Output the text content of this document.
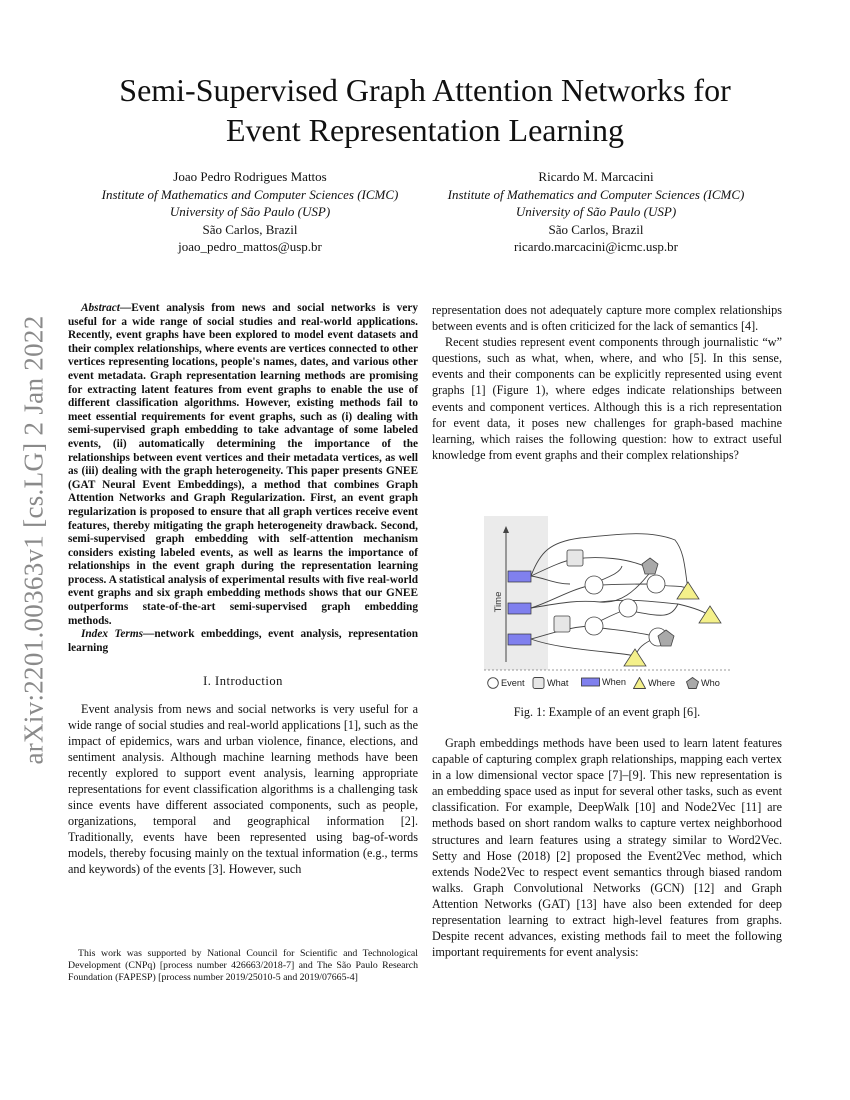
arXiv:2201.00363v1 [cs.LG] 2 Jan 2022
Semi-Supervised Graph Attention Networks for
Event Representation Learning
Joao Pedro Rodrigues Mattos
Institute of Mathematics and Computer Sciences (ICMC)
University of São Paulo (USP)
São Carlos, Brazil
joao_pedro_mattos@usp.br
Ricardo M. Marcacini
Institute of Mathematics and Computer Sciences (ICMC)
University of São Paulo (USP)
São Carlos, Brazil
ricardo.marcacini@icmc.usp.br

Abstract—Event analysis from news and social networks is very useful for a wide range of social studies and real-world applications. Recently, event graphs have been explored to model event datasets and their complex relationships, where events are vertices connected to other vertices representing locations, people's names, dates, and various other event metadata. Graph representation learning methods are promising for extracting latent features from event graphs to enable the use of different classification algorithms. However, existing methods fail to meet essential requirements for event graphs, such as (i) dealing with semi-supervised graph embedding to take advantage of some labeled events, (ii) automatically determining the importance of the relationships between event vertices and their metadata vertices, as well as (iii) dealing with the graph heterogeneity. This paper presents GNEE (GAT Neural Event Embeddings), a method that combines Graph Attention Networks and Graph Regularization. First, an event graph regularization is proposed to ensure that all graph vertices receive event features, thereby mitigating the graph heterogeneity drawback. Second, semi-supervised graph embedding with self-attention mechanism considers existing labeled events, as well as learns the importance of relationships in the event graph during the representation learning process. A statistical analysis of experimental results with five real-world event graphs and six graph embedding methods shows that our GNEE outperforms state-of-the-art semi-supervised graph embedding methods.

Index Terms—network embeddings, event analysis, representation learning

I. Introduction

Event analysis from news and social networks is very useful for a wide range of social studies and real-world applications [1], such as the impact of epidemics, wars and urban violence, finance, elections, and sentiment analysis. Although machine learning methods have been recently explored to support event analysis, learning appropriate representations for event classification algorithms is a challenging task since events have different associated components, such as people, organizations, temporal and geographical information [2]. Traditionally, events have been represented using bag-of-words models, thereby focusing mainly on the textual information (e.g., terms and keywords) of the events [3]. However, such

This work was supported by National Council for Scientific and Technological Development (CNPq) [process number 426663/2018-7] and The São Paulo Research Foundation (FAPESP) [process number 2019/25010-5 and 2019/07665-4]

representation does not adequately capture more complex relationships between events and is often criticized for the lack of semantics [4].

Recent studies represent event components through journalistic “w” questions, such as what, when, where, and who [5]. In this sense, events and their components can be explicitly represented using event graphs [1] (Figure 1), where edges indicate relationships between events and component vertices. Although this is a rich representation for event data, it poses new challenges for graph-based machine learning, which raises the following question: how to extract useful knowledge from event graphs and their complex relationships?

Time
Event What	When Where	Who
Fig. 1: Example of an event graph [6].

Graph embeddings methods have been used to learn latent features capable of capturing complex graph relationships, mapping each vertex in a low dimensional vector space [7]–[9]. This new representation is an embedding space used as input for several other tasks, such as event classification. For example, DeepWalk [10] and Node2Vec [11] are methods based on short random walks to capture vertex neighborhood structures and learn features using a strategy similar to Word2Vec. Setty and Hose (2018) [2] proposed the Event2Vec method, which extends Node2Vec to respect event semantics through biased random walks. Graph Convolutional Networks (GCN) [12] and Graph Attention Networks (GAT) [13] have also been extended for deep representation learning to extract high-level features from graphs. Despite recent advances, existing methods fail to meet the following important requirements for event analysis:
